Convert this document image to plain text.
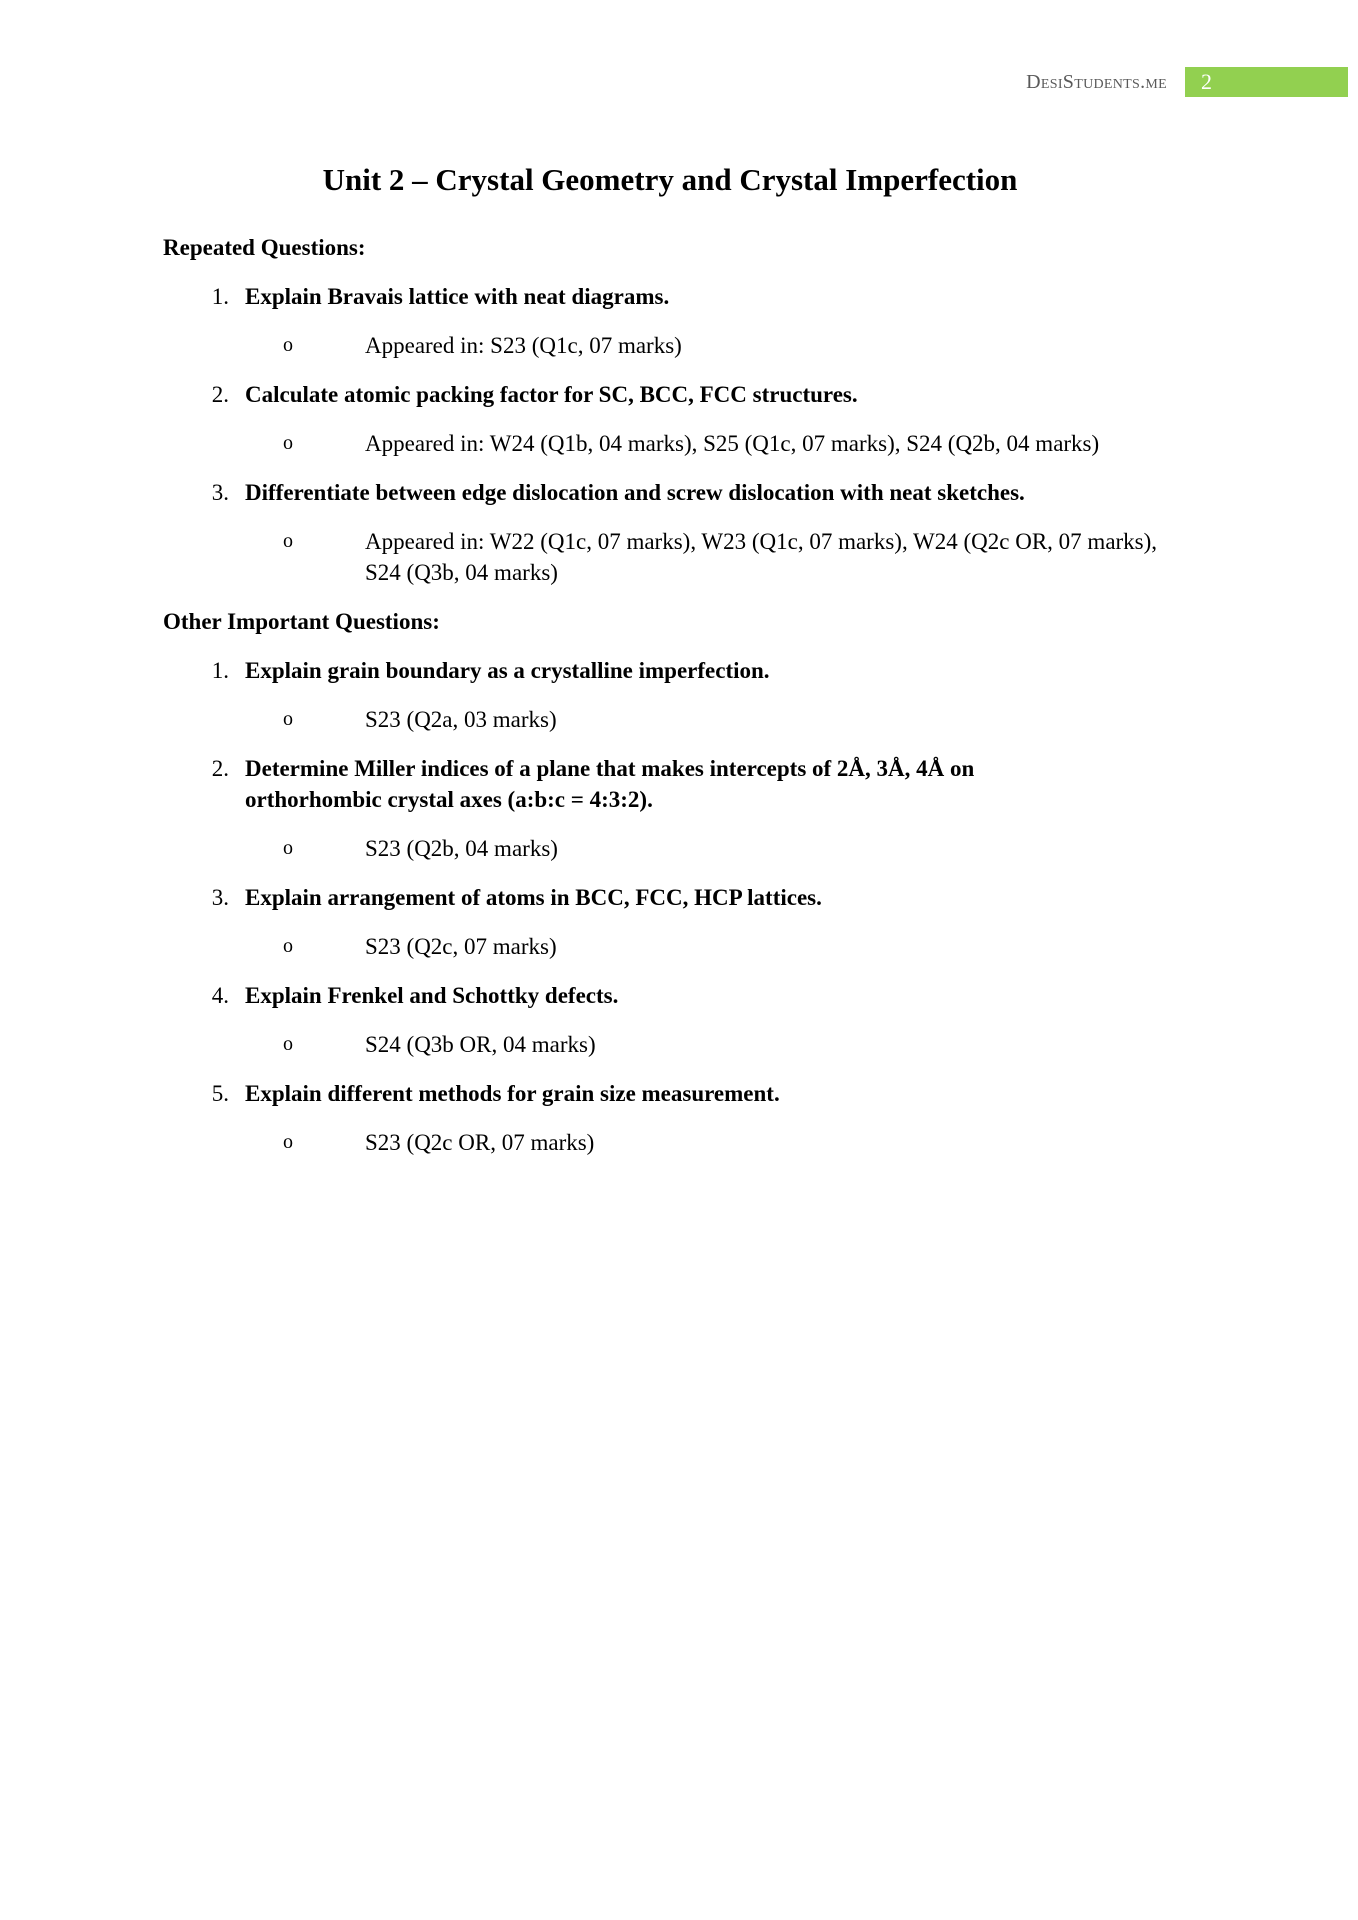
DesiStudents.me	2
Unit 2 – Crystal Geometry and Crystal Imperfection
Repeated Questions:
1. Explain Bravais lattice with neat diagrams.
o	Appeared in: S23 (Q1c, 07 marks)
2. Calculate atomic packing factor for SC, BCC, FCC structures.
o	Appeared in: W24 (Q1b, 04 marks), S25 (Q1c, 07 marks), S24 (Q2b, 04 marks)
3. Differentiate between edge dislocation and screw dislocation with neat sketches.
o	Appeared in: W22 (Q1c, 07 marks), W23 (Q1c, 07 marks), W24 (Q2c OR, 07 marks), S24 (Q3b, 04 marks)
Other Important Questions:
1. Explain grain boundary as a crystalline imperfection.
o	S23 (Q2a, 03 marks)
2. Determine Miller indices of a plane that makes intercepts of 2Å, 3Å, 4Å on orthorhombic crystal axes (a:b:c = 4:3:2).
o	S23 (Q2b, 04 marks)
3. Explain arrangement of atoms in BCC, FCC, HCP lattices.
o	S23 (Q2c, 07 marks)
4. Explain Frenkel and Schottky defects.
o	S24 (Q3b OR, 04 marks)
5. Explain different methods for grain size measurement.
o	S23 (Q2c OR, 07 marks)
